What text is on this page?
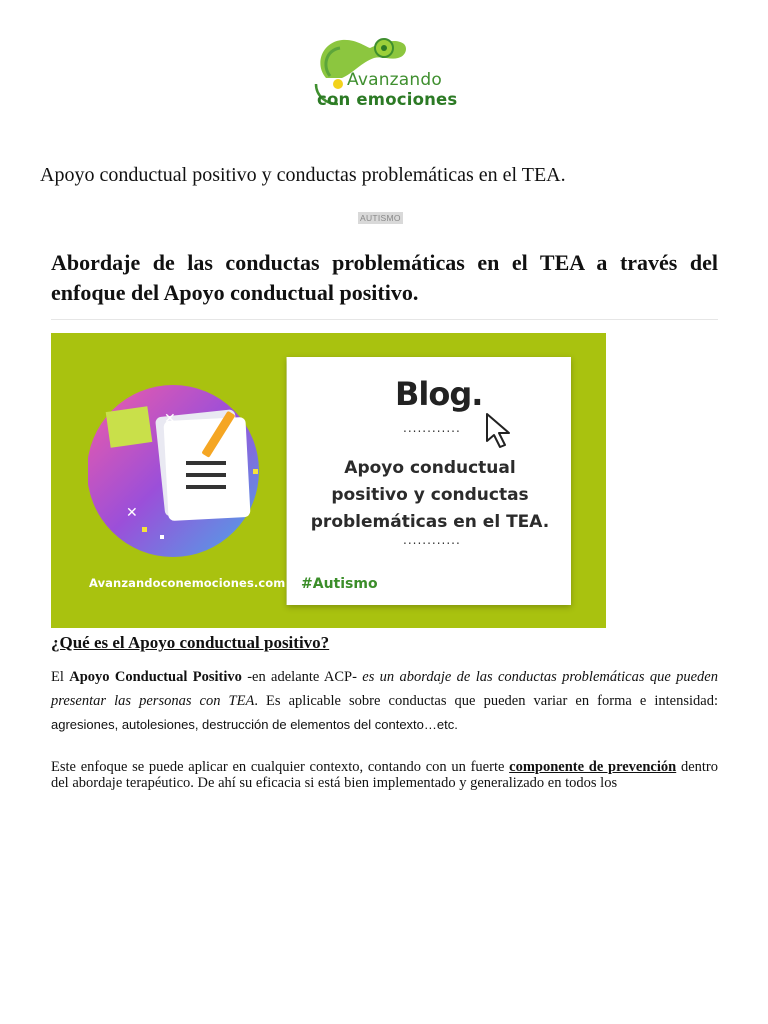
Avanzando
con emociones
Apoyo conductual positivo y conductas problemáticas en el TEA.
AUTISMO
Abordaje de las conductas problemáticas en el TEA a través del enfoque del Apoyo conductual positivo.
✕
✕
Avanzandoconemociones.com
Blog.
............
Apoyo conductual
positivo y conductas
problemáticas en el TEA.
............
#Autismo
¿Qué es el Apoyo conductual positivo?
El Apoyo Conductual Positivo -en adelante ACP- es un abordaje de las conductas problemáticas que pueden presentar las personas con TEA. Es aplicable sobre conductas que pueden variar en forma e intensidad: agresiones, autolesiones, destrucción de elementos del contexto…etc.
Este enfoque se puede aplicar en cualquier contexto, contando con un fuerte componente de prevención dentro del abordaje terapéutico. De ahí su eficacia si está bien implementado y generalizado en todos los
